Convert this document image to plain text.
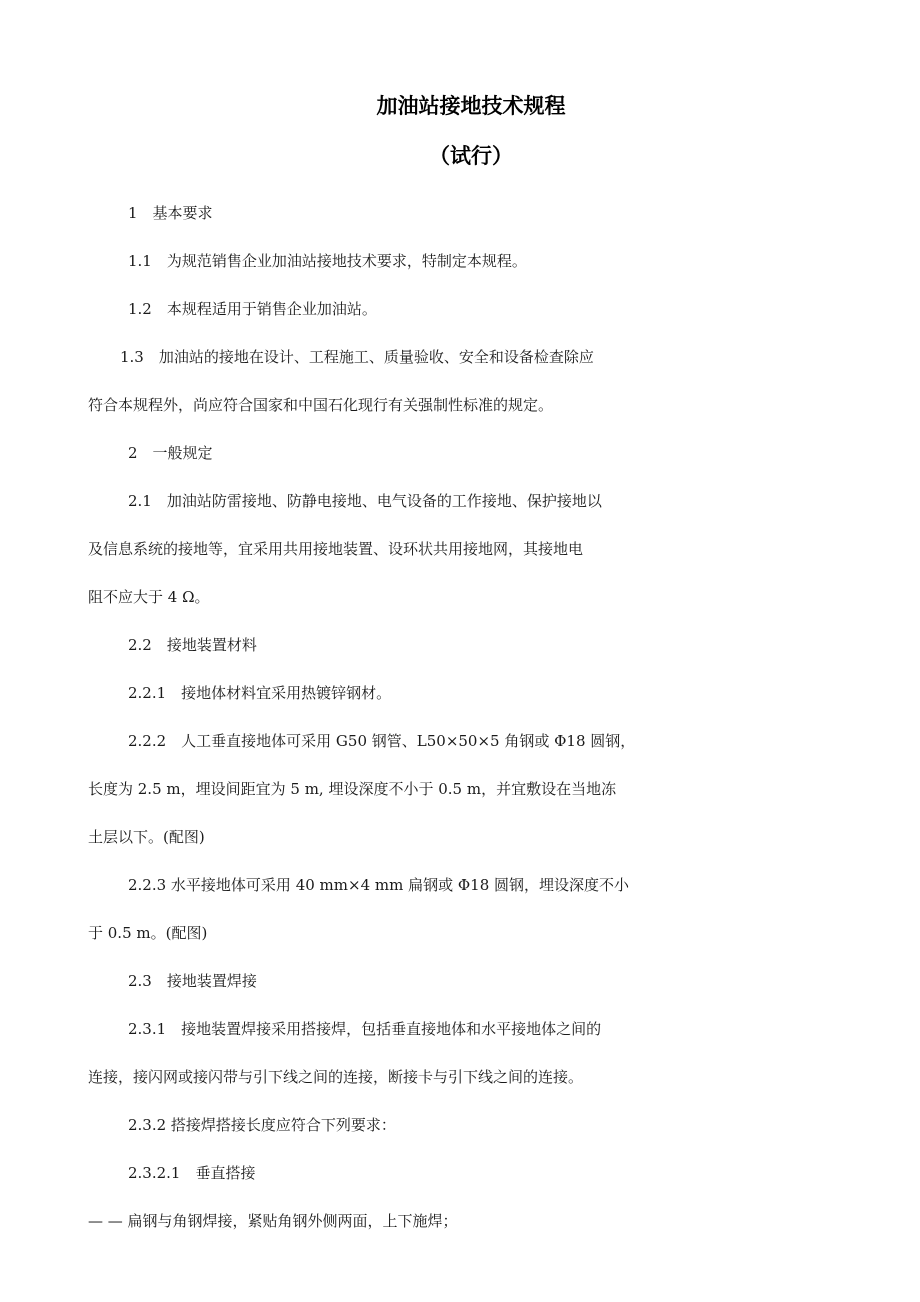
加油站接地技术规程
（试行）
1　基本要求
1.1　为规范销售企业加油站接地技术要求，特制定本规程。
1.2　本规程适用于销售企业加油站。
1.3　加油站的接地在设计、工程施工、质量验收、安全和设备检查除应
符合本规程外，尚应符合国家和中国石化现行有关强制性标准的规定。
2　一般规定
2.1　加油站防雷接地、防静电接地、电气设备的工作接地、保护接地以
及信息系统的接地等，宜采用共用接地装置、设环状共用接地网，其接地电
阻不应大于 4 Ω。
2.2　接地装置材料
2.2.1　接地体材料宜采用热镀锌钢材。
2.2.2　人工垂直接地体可采用 G50 钢管、L50×50×5 角钢或 Φ18 圆钢，
长度为 2.5 m，埋设间距宜为 5 m, 埋设深度不小于 0.5 m，并宜敷设在当地冻
土层以下。(配图)
2.2.3 水平接地体可采用 40 mm×4 mm 扁钢或 Φ18 圆钢，埋设深度不小
于 0.5 m。(配图)
2.3　接地装置焊接
2.3.1　接地装置焊接采用搭接焊，包括垂直接地体和水平接地体之间的
连接，接闪网或接闪带与引下线之间的连接，断接卡与引下线之间的连接。
2.3.2 搭接焊搭接长度应符合下列要求：
2.3.2.1　垂直搭接
— — 扁钢与角钢焊接，紧贴角钢外侧两面，上下施焊；
